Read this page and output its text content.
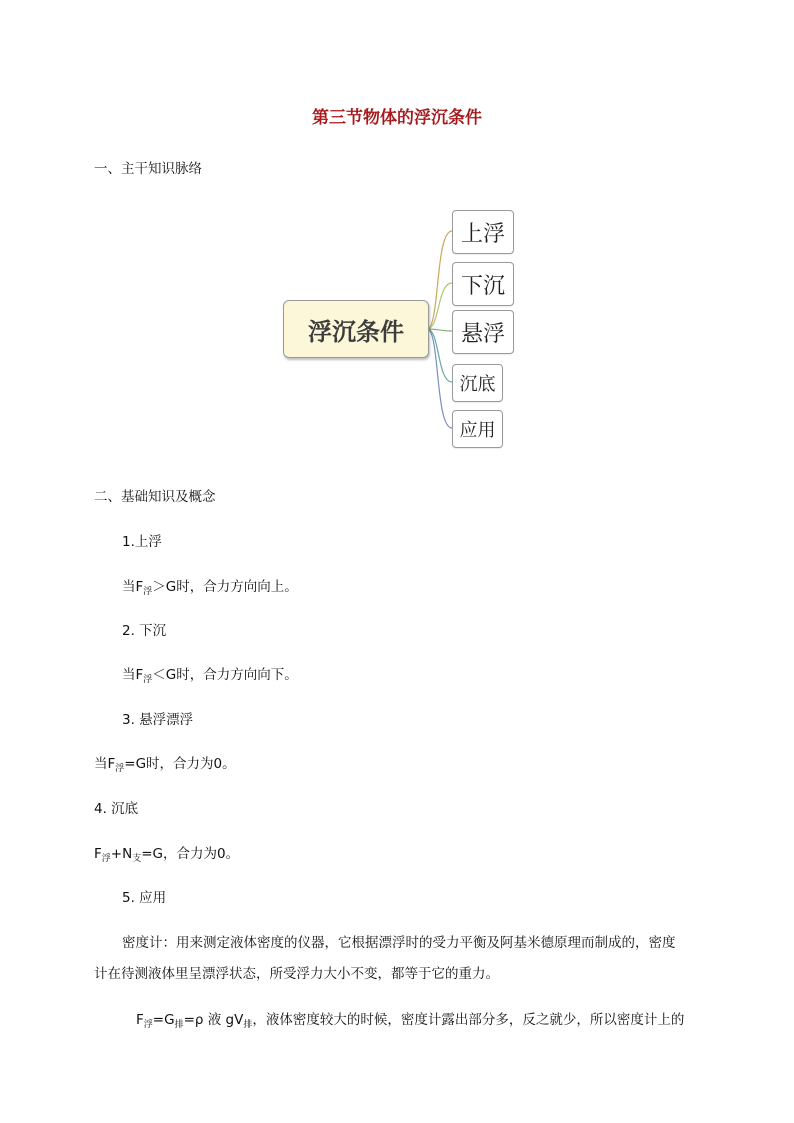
第三节物体的浮沉条件
一、主干知识脉络
浮沉条件
上浮
下沉
悬浮
沉底
应用
二、基础知识及概念
1.上浮
当$F_浮>G$时，合力方向向上。
2. 下沉
当$F_浮<G$时，合力方向向下。
3. 悬浮漂浮
当$F_浮=G$时，合力为0。
4. 沉底
$F_浮+N_支=G$，合力为0。
5. 应用
密度计：用来测定液体密度的仪器，它根据漂浮时的受力平衡及阿基米德原理而制成的，密度
计在待测液体里呈漂浮状态，所受浮力大小不变，都等于它的重力。
$F_浮=G_排=\rho$ 液 $gV_排$，液体密度较大的时候，密度计露出部分多，反之就少，所以密度计上的
